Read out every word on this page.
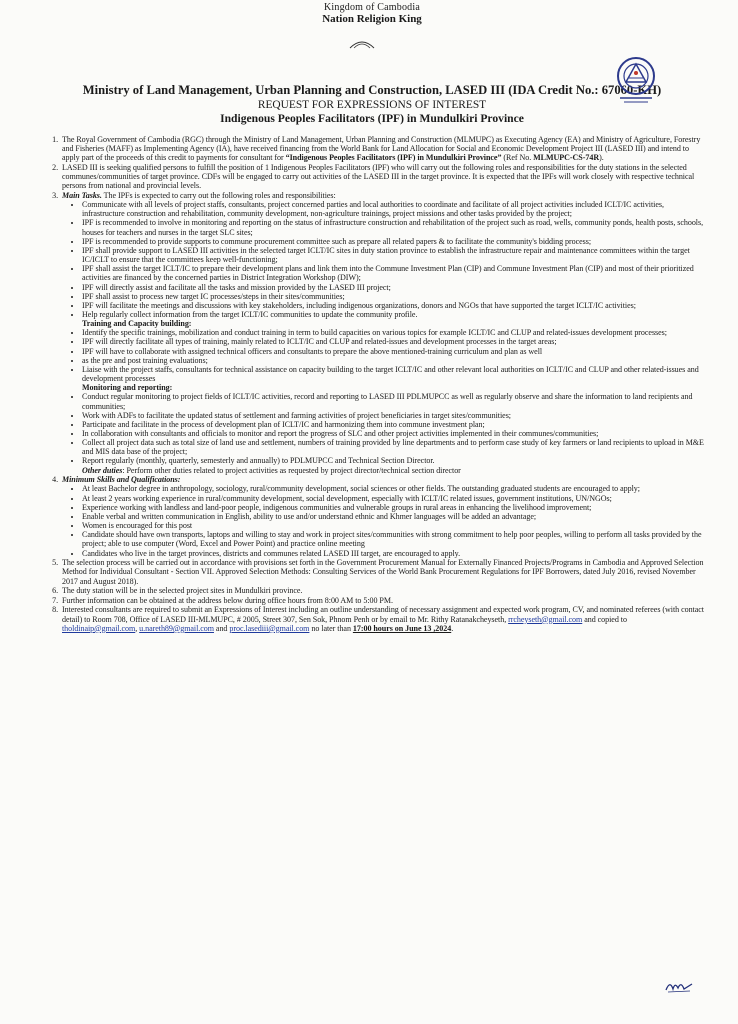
Kingdom of Cambodia
Nation Religion King
Ministry of Land Management, Urban Planning and Construction, LASED III (IDA Credit No.: 67060-KH)
REQUEST FOR EXPRESSIONS OF INTEREST
Indigenous Peoples Facilitators (IPF) in Mundulkiri Province
1. The Royal Government of Cambodia (RGC) through the Ministry of Land Management, Urban Planning and Construction (MLMUPC) as Executing Agency (EA) and Ministry of Agriculture, Forestry and Fisheries (MAFF) as Implementing Agency (IA), have received financing from the World Bank for Land Allocation for Social and Economic Development Project III (LASED III) and intend to apply part of the proceeds of this credit to payments for consultant for “Indigenous Peoples Facilitators (IPF) in Mundulkiri Province” (Ref No. MLMUPC-CS-74R).
2. LASED III is seeking qualified persons to fulfill the position of 1 Indigenous Peoples Facilitators (IPF) who will carry out the following roles and responsibilities for the duty stations in the selected communes/communities of target province. CDFs will be engaged to carry out activities of the LASED III in the target province. It is expected that the IPFs will work closely with respective technical persons from national and provincial levels.
3. Main Tasks. The IPFs is expected to carry out the following roles and responsibilities:
• Communicate with all levels of project staffs, consultants, project concerned parties and local authorities to coordinate and facilitate of all project activities included ICLT/IC activities, infrastructure construction and rehabilitation, community development, non-agriculture trainings, project missions and other tasks provided by the project;
• IPF is recommended to involve in monitoring and reporting on the status of infrastructure construction and rehabilitation of the project such as road, wells, community ponds, health posts, schools, houses for teachers and nurses in the target SLC sites;
• IPF is recommended to provide supports to commune procurement committee such as prepare all related papers & to facilitate the community's bidding process;
• IPF shall provide support to LASED III activities in the selected target ICLT/IC sites in duty station province to establish the infrastructure repair and maintenance committees within the target IC/ICLT to ensure that the committees keep well-functioning;
• IPF shall assist the target ICLT/IC to prepare their development plans and link them into the Commune Investment Plan (CIP) and Commune Investment Plan (CIP) and most of their prioritized activities are financed by the concerned parties in District Integration Workshop (DIW);
• IPF will directly assist and facilitate all the tasks and mission provided by the LASED III project;
• IPF shall assist to process new target IC processes/steps in their sites/communities;
• IPF will facilitate the meetings and discussions with key stakeholders, including indigenous organizations, donors and NGOs that have supported the target ICLT/IC activities;
• Help regularly collect information from the target ICLT/IC communities to update the community profile.
Training and Capacity building:
• Identify the specific trainings, mobilization and conduct training in term to build capacities on various topics for example ICLT/IC and CLUP and related-issues development processes;
• IPF will directly facilitate all types of training, mainly related to ICLT/IC and CLUP and related-issues and development processes in the target areas;
• IPF will have to collaborate with assigned technical officers and consultants to prepare the above mentioned-training curriculum and plan as well
• as the pre and post training evaluations;
• Liaise with the project staffs, consultants for technical assistance on capacity building to the target ICLT/IC and other relevant local authorities on ICLT/IC and CLUP and other related-issues and development processes
Monitoring and reporting:
• Conduct regular monitoring to project fields of ICLT/IC activities, record and reporting to LASED III PDLMUPCC as well as regularly observe and share the information to land recipients and communities;
• Work with ADFs to facilitate the updated status of settlement and farming activities of project beneficiaries in target sites/communities;
• Participate and facilitate in the process of development plan of ICLT/IC and harmonizing them into commune investment plan;
• In collaboration with consultants and officials to monitor and report the progress of SLC and other project activities implemented in their communes/communities;
• Collect all project data such as total size of land use and settlement, numbers of training provided by line departments and to perform case study of key farmers or land recipients to upload in M&E and MIS data base of the project;
• Report regularly (monthly, quarterly, semesterly and annually) to PDLMUPCC and Technical Section Director.
Other duties: Perform other duties related to project activities as requested by project director/technical section director
4. Minimum Skills and Qualifications:
• At least Bachelor degree in anthropology, sociology, rural/community development, social sciences or other fields. The outstanding graduated students are encouraged to apply;
• At least 2 years working experience in rural/community development, social development, especially with ICLT/IC related issues, government institutions, UN/NGOs;
• Experience working with landless and land-poor people, indigenous communities and vulnerable groups in rural areas in enhancing the livelihood improvement;
• Enable verbal and written communication in English, ability to use and/or understand ethnic and Khmer languages will be added an advantage;
• Women is encouraged for this post
• Candidate should have own transports, laptops and willing to stay and work in project sites/communities with strong commitment to help poor peoples, willing to perform all tasks provided by the project; able to use computer (Word, Excel and Power Point) and practice online meeting
• Candidates who live in the target provinces, districts and communes related LASED III target, are encouraged to apply.
5. The selection process will be carried out in accordance with provisions set forth in the Government Procurement Manual for Externally Financed Projects/Programs in Cambodia and Approved Selection Method for Individual Consultant - Section VII. Approved Selection Methods: Consulting Services of the World Bank Procurement Regulations for IPF Borrowers, dated July 2016, revised November 2017 and August 2018).
6. The duty station will be in the selected project sites in Mundulkiri province.
7. Further information can be obtained at the address below during office hours from 8:00 AM to 5:00 PM.
8. Interested consultants are required to submit an Expressions of Interest including an outline understanding of necessary assignment and expected work program, CV, and nominated referees (with contact detail) to Room 708, Office of LASED III-MLMUPC, # 2005, Street 307, Sen Sok, Phnom Penh or by email to Mr. Rithy Ratanakcheyseth, rrcheyseth@gmail.com and copied to tholdinaip@gmail.com, u.nareth89@gmail.com and proc.lasediii@gmail.com no later than 17:00 hours on June 13 ,2024.
